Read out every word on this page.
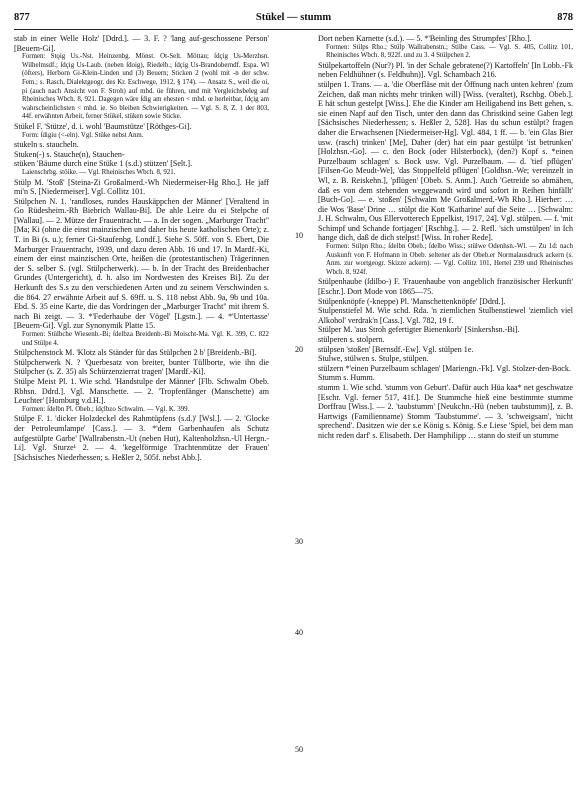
877	Stükel — stumm	878
10
20
30
40
50

stab in einer Welle Holz' [Ddrd.]. — 3. F. ? 'lang auf-geschossene Person' [Beuern-Gi].

Formen: Stǫig Us.-Nst. Heinzenbg. Mönst. Ot-Selt. Möttau; ſdçig Us-Merzhsn. Wilhelmsdf.; ſdçig Us-Laub. (neben ſdoig), Riedelb.; ſdçig Us-Brandoberndf. Espa. Wl (öfters), Herborn Gi-Klein-Linden und (3) Beuern; Sticken 2 (wohl mit -n der schw. Fem.; s. Rasch, Dialektgeogr. des Kr. Eschwege, 1912, § 174). — Ansatz S., weil die oi, pi (auch nach Ansicht von F. Stroh) auf mhd. üe führen, und mit Vergleichsbeleg auf Rheinisches Wbch. 8, 921. Dagegen wäre ſdig am ehesten < mhd. œ herleitbar, ſdçig am wahrscheinlichsten < mhd. ie. So bleiben Schwierigkeiten. — Vgl. S. 8, Z. 1 der 803, 44f. erwähnten Arbeit, ferner Stükel, stüken sowie Sticke.

Stükel F. 'Stütze', d. i. wohl 'Baumstütze' [Röthges-Gi].

Form: ſdigiu (<-eln). Vgl. Stüke nebst Anm.

stukeln s. staucheln.

Stuken(-) s. Stauche(n), Stauchen-

stüken 'Bäume durch eine Stüke 1 (s.d.) stützen' [Selt.].

Laienschrbg. stöike. — Vgl. Rheinisches Wbch. 8, 921.

Stülp M. 'Stoß' [Steina-Zi Großalmerd.-Wh Niedermeiser-Hg Rho.]. He jaff mi'n S. [Niedermeiser]. Vgl. Collitz 101.

Stülpchen N. 1. 'randloses, rundes Hauskäppchen der Männer' [Veraltend in Go Rüdesheim.-Rh Biebrich Wallau-Bi]. De ahle Leire du ei Stelpche of [Wallau]. — 2. Mütze der Frauentracht. — a. In der sogen. „Marburger Tracht" [Ma; Ki (ohne die einst mainzischen und daher bis heute katholischen Orte); z. T. in Bi (s. u.); ferner Gi-Staufenbg. Londf.]. Siehe S. 50ff. von S. Ebert, Die Marburger Frauentracht, 1939, und dazu deren Abb. 16 und 17. In Mardf.-Ki, einem der einst mainzischen Orte, heißen die (protestantischen) Trägerinnen der S. selber S. (vgl. Stülpcherwerk). — b. In der Tracht des Breidenbacher Grundes (Untergericht), d. h. also im Nordwesten des Kreises Bi]. Zu der Herkunft des S.s zu den verschiedenen Arten und zu seinem Verschwinden s. die 864. 27 erwähnte Arbeit auf S. 69ff. u. S. 118 nebst Abb. 9a, 9b und 10a. Ebd. S. 35 eine Karte, die das Vordringen der „Marburger Tracht" mit ihrem S. nach Bi zeigt. — 3. *'Federhaube der Vögel' [Lgstn.]. — 4. *'Untertasse' [Beuern-Gi]. Vgl. zur Synonymik Platte 15.

Formen: Stülbche Wiesenb.-Bi; ſdelbza Breidenb.-Bi Moischt-Ma. Vgl. K. 399, C. 822 und Stülpe 4.

Stülpchenstock M. 'Klotz als Ständer für das Stülpchen 2 b' [Breidenb.-Bi].

Stülpcherwerk N. ? 'Querbesatz von breiter, bunter Tüllborte, wie ihn die Stülpcher (s. Z. 35) als Schürzenzierrat tragen' [Mardf.-Ki].

Stülpe Meist Pl. 1. Wie schd. 'Handstulpe der Männer' [Flb. Schwalm Obeb. Rbhsn. Ddrd.]. Vgl. Manschette. — 2. 'Tropfenfänger (Manschette) am Leuchter' [Homburg v.d.H.].

Formen: ſdelbn Pl. Obeb.; ſdçlbzo Schwalm. — Vgl. K. 399.

Stülpe F. 1. 'dicker Holzdeckel des Rahmtüpfens (s.d.)' [Wsl.]. — 2. 'Glocke der Petroleumlampe' [Cass.]. — 3. *'dem Garbenhaufen als Schutz aufgestülpte Garbe' [Wallrabenstn.-Ut (neben Hut), Kaltenholzhsn.-Ul Hergn.-Li]. Vgl. Sturze¹ 2. — 4. 'kegelförmige Trachtenmütze der Frauen' [Sächsisches Niederhessen; s. Heßler 2, 505f. nebst Abb.].

Dort neben Karnette (s.d.). — 5. *'Beinling des Strumpfes' [Rho.].

Formen: Stilps Rho.; Stülp Wallrabenstn.; Stilbe Cass. — Vgl. S. 405, Collitz 101, Rheinisches Wbch. 8, 922f. und zu 3. 4 Stülpchen 2.

Stülpekartoffeln (Nur?) Pl. 'in der Schale gebratene(?) Kartoffeln' [In Lobb.-Fk neben Feldhühner (s. Feldhuhn)]. Vgl. Schambach 216.

stülpen 1. Trans. — a. 'die Oberfläse mit der Öffnung nach unten kehren' (zum Zeichen, daß man nichts mehr trinken will) [Wiss. (veraltet), Rschbg. Obeb.]. E hät schun gestelpt [Wiss.]. Ehe die Kinder am Heiligabend ins Bett gehen, s. sie einen Napf auf den Tisch, unter den dann das Christkind seine Gaben legt [Sächsisches Niederhessen; s. Heßler 2, 528]. Has du schun estülpt? fragen daher die Erwachsenen [Niedermeiser-Hg]. Vgl. 484, 1 ff. — b. 'ein Glas Bier usw. (rasch) trinken' [Me], Daher (der) hat ein paar gestülpt 'ist betrunken' [Holzhsn.-Go]. — c. den Bock (oder Hilsterbock), (den?) Kopf s. *einen Purzelbaum schlagen' s. Bock usw. Vgl. Purzelbaum. — d. 'tief pflügen' [Filsen-Go Meudt-We], 'das Stoppelfeld pflügen' [Goldhsn.-We; vereinzelt in Wl, z. B. Reiskehn.], 'pflügen' [Obeb. S. Anm.]. Auch 'Getreide so abmähen, daß es von dem stehenden weggewandt wird und sofort in Reihen hinfällt' [Buch-Go]. — e. 'stoßen' [Schwalm Me Großalmerd.-Wh Rho.]. Hierher: … die Wos 'Base' Drine … stülpt die Kott 'Katharine' auf die Seite … [Schwalm: J. H. Schwalm, Ous Ellervotterech Eppelkist, 1917, 24]. Vgl. stülpen. — f. 'mit Schimpf und Schande fortjagen' [Rschbg.]. — 2. Refl. 'sich umstülpen' in Ich hange dich, daß de dich stelpst! [Wiss. In roher Rede].

Formen: Stilpn Rho.; ſdelbn Obeb.; ſdelbo Wiss.; stülwe Odenhsn.-Wl. — Zu 1d: nach Auskunft von F. Hofmann in Obeb. seltener als der Obeb.er Normalausdruck ackern (s. Anm. zur wortgeogr. Skizze ackern). — Vgl. Collitz 101, Hertel 239 und Rheinisches Wbch. 8, 924f.

Stülpenhaube (ſdilbo-) F. 'Frauenhaube von angeblich französischer Herkunft' [Eschr.]. Dort Mode von 1865—75.

Stülpenknöpfe (-kneppe) Pl. 'Manschettenknöpfe' [Ddrd.].

Stulpenstiefel M. Wie schd. Rda. 'n ziemlichen Stulbenstiewel 'ziemlich viel Alkohol' verdrak'n [Cass.]. Vgl. 782, 19 f.

Stülper M. 'aus Stroh gefertigter Bienenkorb' [Sinkershsn.-Bi].

stülperen s. stolpern.

stülpsen 'stoßen' [Bernsdf.-Ew]. Vgl. stülpen 1e.

Stulwe, stülwen s. Stulpe, stülpen.

stülzern *'einen Purzelbaum schlagen' [Mariengn.-Fk]. Vgl. Stolzer-den-Bock.

Stumm s. Humm.

stumm 1. Wie schd. 'stumm von Geburt'. Dafür auch Hüa kaa* net geschwatze [Eschr. Vgl. ferner 517, 41f.]. De Stummche hieß eine bestimmte stumme Dorffrau [Wiss.]. — 2. 'taubstumm' [Neukchn.-Hü (neben taubstumm)], z. B. Hartwigs (Familienname) Stomm 'Taubstumme'. — 3. 'schweigsam', 'nicht sprechend'. Dasitzen wie der s.e König s. König. S.e Liese 'Spiel, bei dem man nicht reden darf' s. Elisabeth. Der Hamphilipp … stann do steif un stumme
